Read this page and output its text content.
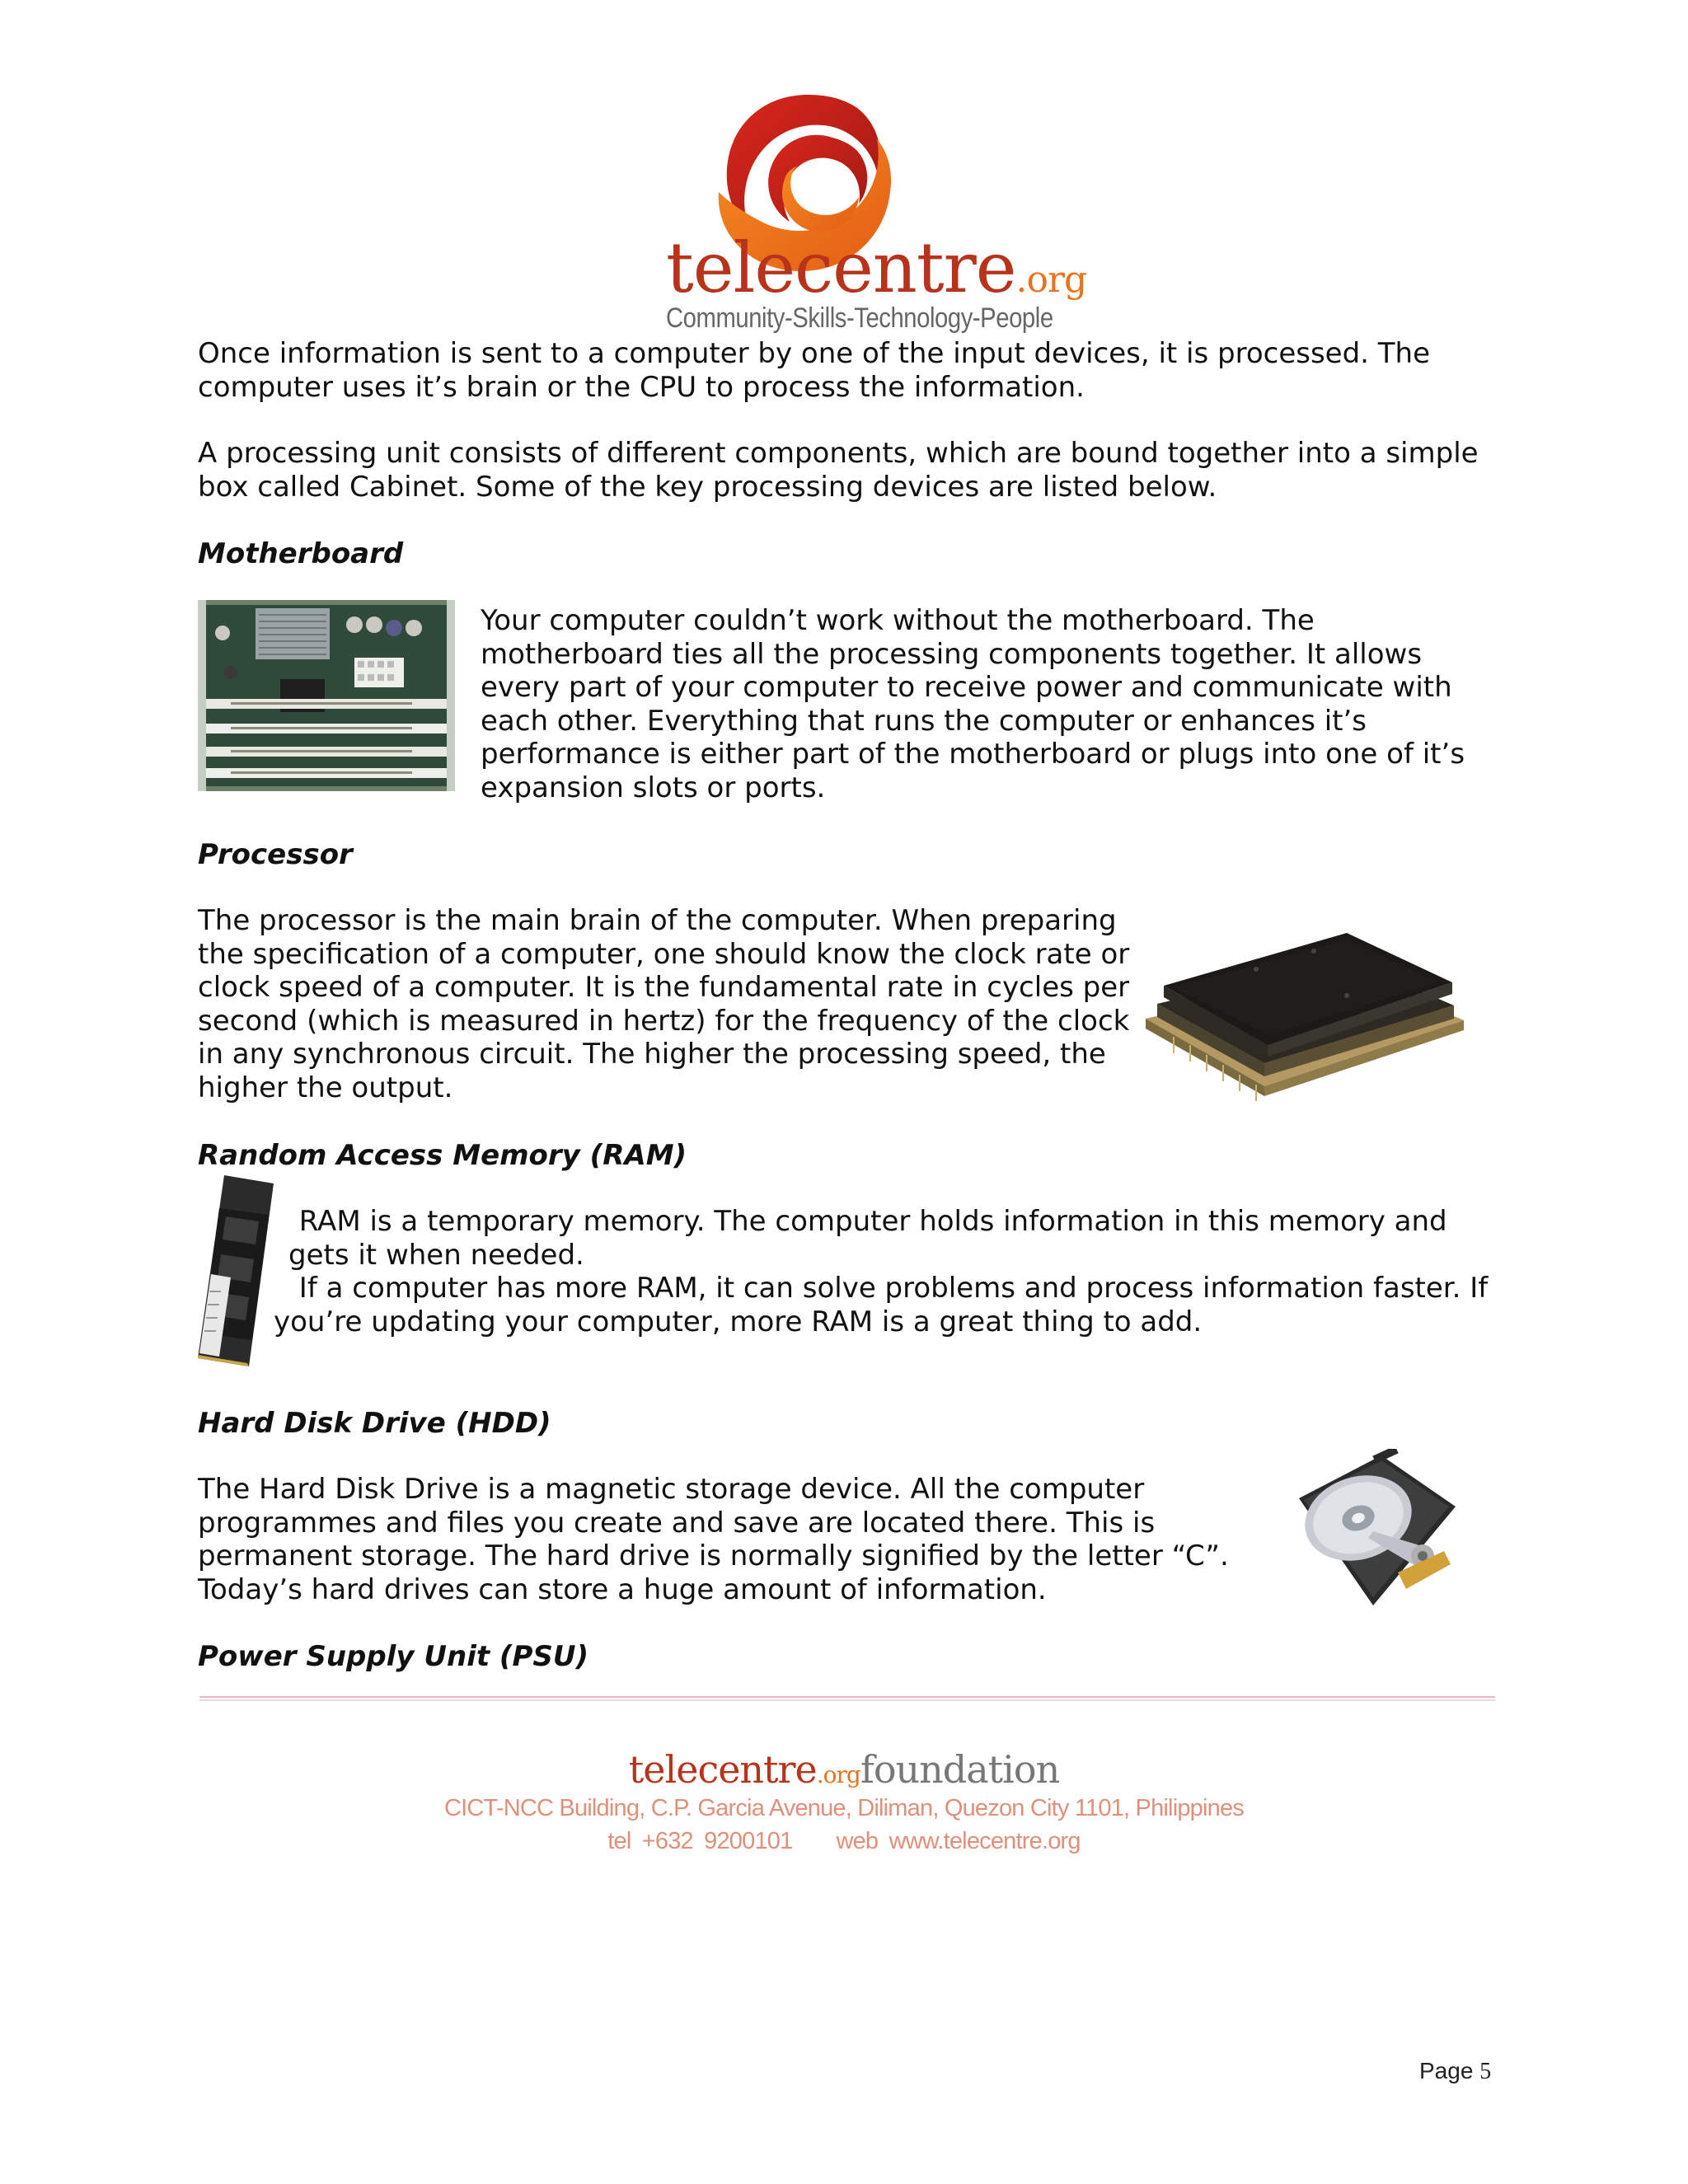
telecentre.org
Community-Skills-Technology-People

Once information is sent to a computer by one of the input devices, it is processed. The

computer uses it’s brain or the CPU to process the information.

A processing unit consists of different components, which are bound together into a simple

box called Cabinet. Some of the key processing devices are listed below.

Motherboard

Your computer couldn’t work without the motherboard. The

motherboard ties all the processing components together. It allows

every part of your computer to receive power and communicate with

each other. Everything that runs the computer or enhances it’s

performance is either part of the motherboard or plugs into one of it’s

expansion slots or ports.

Processor

The processor is the main brain of the computer. When preparing

the specification of a computer, one should know the clock rate or

clock speed of a computer. It is the fundamental rate in cycles per

second (which is measured in hertz) for the frequency of the clock

in any synchronous circuit. The higher the processing speed, the

higher the output.

Random Access Memory (RAM)

RAM is a temporary memory. The computer holds information in this memory and

gets it when needed.

If a computer has more RAM, it can solve problems and process information faster. If

you’re updating your computer, more RAM is a great thing to add.

Hard Disk Drive (HDD)

The Hard Disk Drive is a magnetic storage device. All the computer

programmes and files you create and save are located there. This is

permanent storage. The hard drive is normally signified by the letter “C”.

Today’s hard drives can store a huge amount of information.

Power Supply Unit (PSU)

telecentre.orgfoundation
CICT-NCC Building, C.P. Garcia Avenue, Diliman, Quezon City 1101, Philippines
tel +632 9200101    web www.telecentre.org
Page 5
